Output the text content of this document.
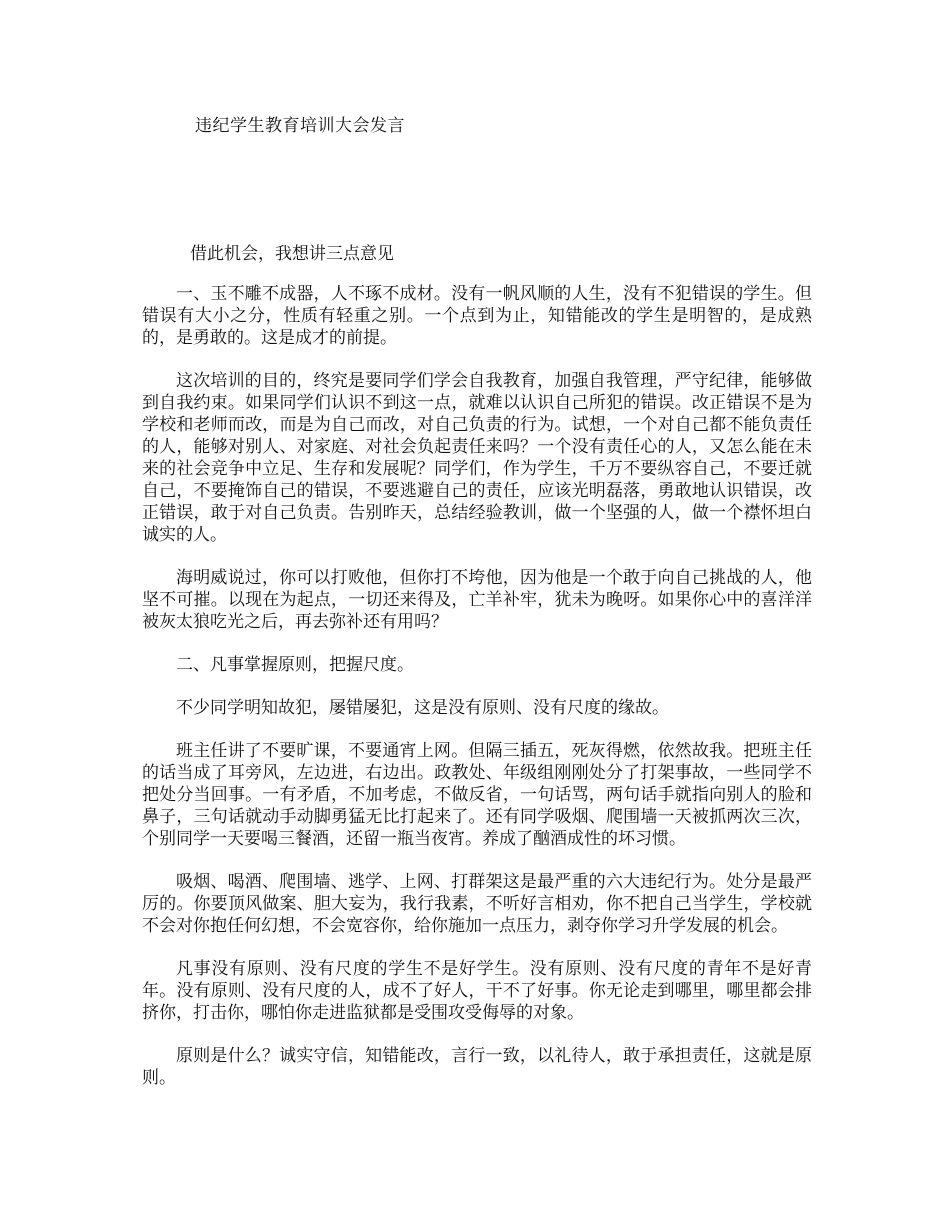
违纪学生教育培训大会发言
借此机会，我想讲三点意见

一、玉不雕不成器，人不琢不成材。没有一帆风顺的人生，没有不犯错误的学生。但错误有大小之分，性质有轻重之别。一个点到为止，知错能改的学生是明智的，是成熟的，是勇敢的。这是成才的前提。

这次培训的目的，终究是要同学们学会自我教育，加强自我管理，严守纪律，能够做到自我约束。如果同学们认识不到这一点，就难以认识自己所犯的错误。改正错误不是为学校和老师而改，而是为自己而改，对自己负责的行为。试想，一个对自己都不能负责任的人，能够对别人、对家庭、对社会负起责任来吗？一个没有责任心的人，又怎么能在未来的社会竞争中立足、生存和发展呢？同学们，作为学生，千万不要纵容自己，不要迁就自己，不要掩饰自己的错误，不要逃避自己的责任，应该光明磊落，勇敢地认识错误，改正错误，敢于对自己负责。告别昨天，总结经验教训，做一个坚强的人，做一个襟怀坦白诚实的人。

海明威说过，你可以打败他，但你打不垮他，因为他是一个敢于向自己挑战的人，他坚不可摧。以现在为起点，一切还来得及，亡羊补牢，犹未为晚呀。如果你心中的喜洋洋被灰太狼吃光之后，再去弥补还有用吗？

二、凡事掌握原则，把握尺度。

不少同学明知故犯，屡错屡犯，这是没有原则、没有尺度的缘故。

班主任讲了不要旷课，不要通宵上网。但隔三插五，死灰得燃，依然故我。把班主任的话当成了耳旁风，左边进，右边出。政教处、年级组刚刚处分了打架事故，一些同学不把处分当回事。一有矛盾，不加考虑，不做反省，一句话骂，两句话手就指向别人的脸和鼻子，三句话就动手动脚勇猛无比打起来了。还有同学吸烟、爬围墙一天被抓两次三次，个别同学一天要喝三餐酒，还留一瓶当夜宵。养成了酗酒成性的坏习惯。

吸烟、喝酒、爬围墙、逃学、上网、打群架这是最严重的六大违纪行为。处分是最严厉的。你要顶风做案、胆大妄为，我行我素，不听好言相劝，你不把自己当学生，学校就不会对你抱任何幻想，不会宽容你，给你施加一点压力，剥夺你学习升学发展的机会。

凡事没有原则、没有尺度的学生不是好学生。没有原则、没有尺度的青年不是好青年。没有原则、没有尺度的人，成不了好人，干不了好事。你无论走到哪里，哪里都会排挤你，打击你，哪怕你走进监狱都是受围攻受侮辱的对象。

原则是什么？诚实守信，知错能改，言行一致，以礼待人，敢于承担责任，这就是原则。
